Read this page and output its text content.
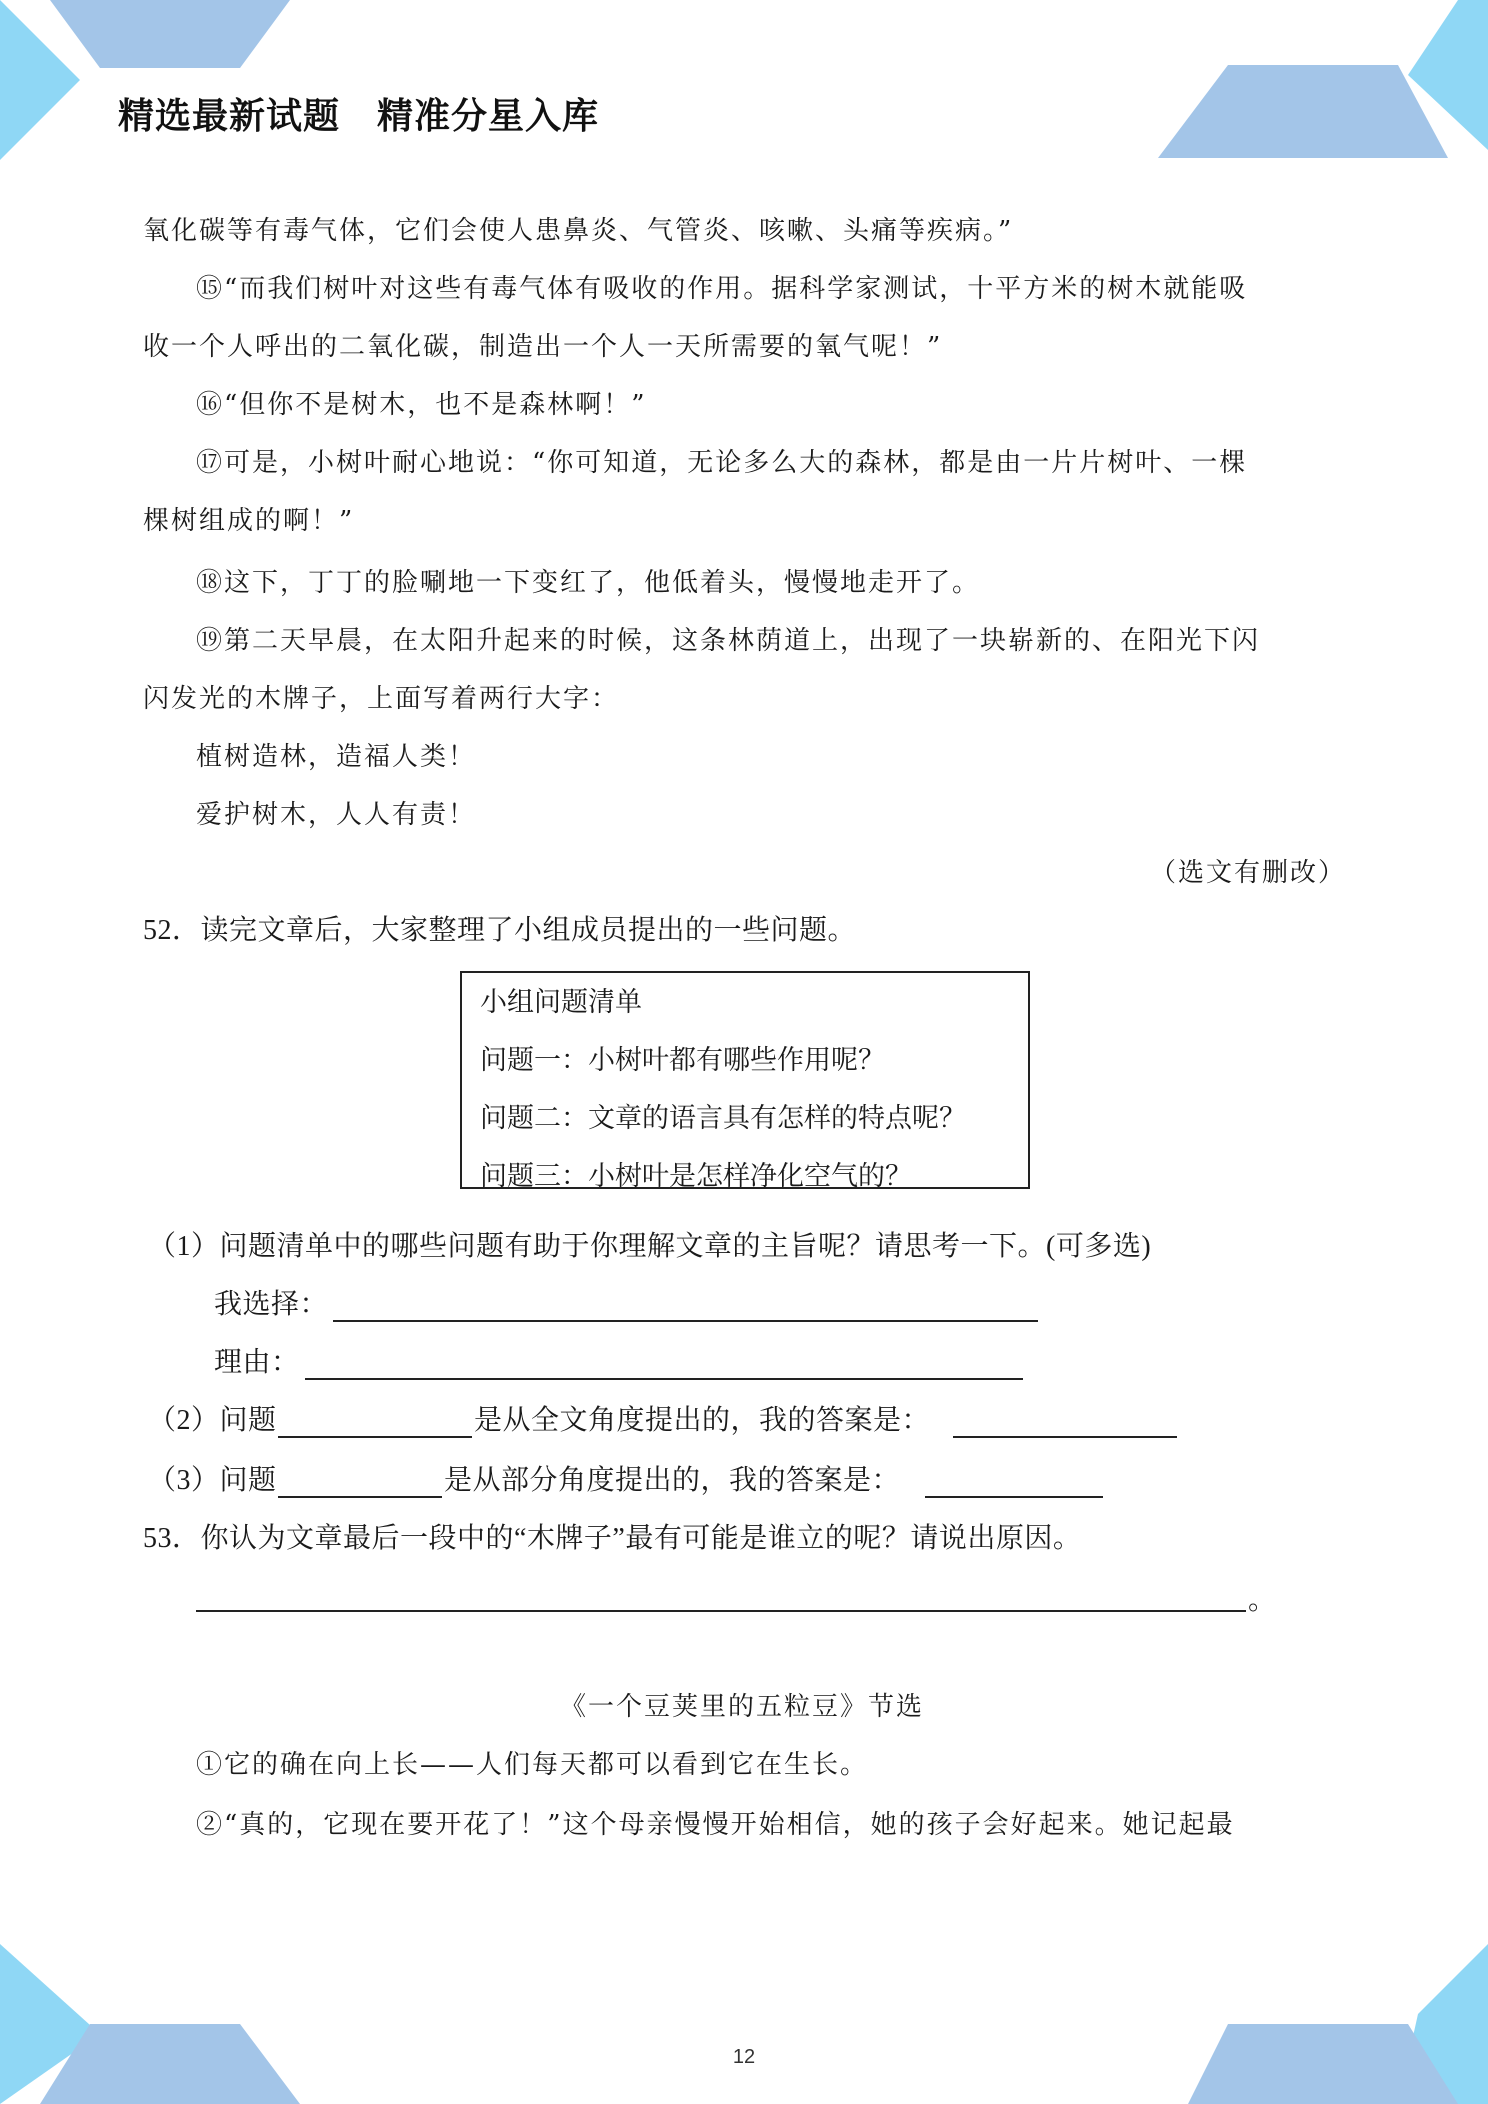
精选最新试题　精准分星入库
氧化碳等有毒气体，它们会使人患鼻炎、气管炎、咳嗽、头痛等疾病。”
⑮“而我们树叶对这些有毒气体有吸收的作用。据科学家测试，十平方米的树木就能吸
收一个人呼出的二氧化碳，制造出一个人一天所需要的氧气呢！”
⑯“但你不是树木，也不是森林啊！”
⑰可是，小树叶耐心地说：“你可知道，无论多么大的森林，都是由一片片树叶、一棵
棵树组成的啊！”
⑱这下，丁丁的脸唰地一下变红了，他低着头，慢慢地走开了。
⑲第二天早晨，在太阳升起来的时候，这条林荫道上，出现了一块崭新的、在阳光下闪
闪发光的木牌子，上面写着两行大字：
植树造林，造福人类！
爱护树木，人人有责！
（选文有删改）
52．读完文章后，大家整理了小组成员提出的一些问题。
小组问题清单
问题一：小树叶都有哪些作用呢？
问题二：文章的语言具有怎样的特点呢？
问题三：小树叶是怎样净化空气的？
（1）问题清单中的哪些问题有助于你理解文章的主旨呢？请思考一下。(可多选)
我选择：
理由：
（2）问题	是从全文角度提出的，我的答案是：
（3）问题	是从部分角度提出的，我的答案是：
53．你认为文章最后一段中的“木牌子”最有可能是谁立的呢？请说出原因。
。
《一个豆荚里的五粒豆》节选
①它的确在向上长——人们每天都可以看到它在生长。
②“真的，它现在要开花了！”这个母亲慢慢开始相信，她的孩子会好起来。她记起最
12
